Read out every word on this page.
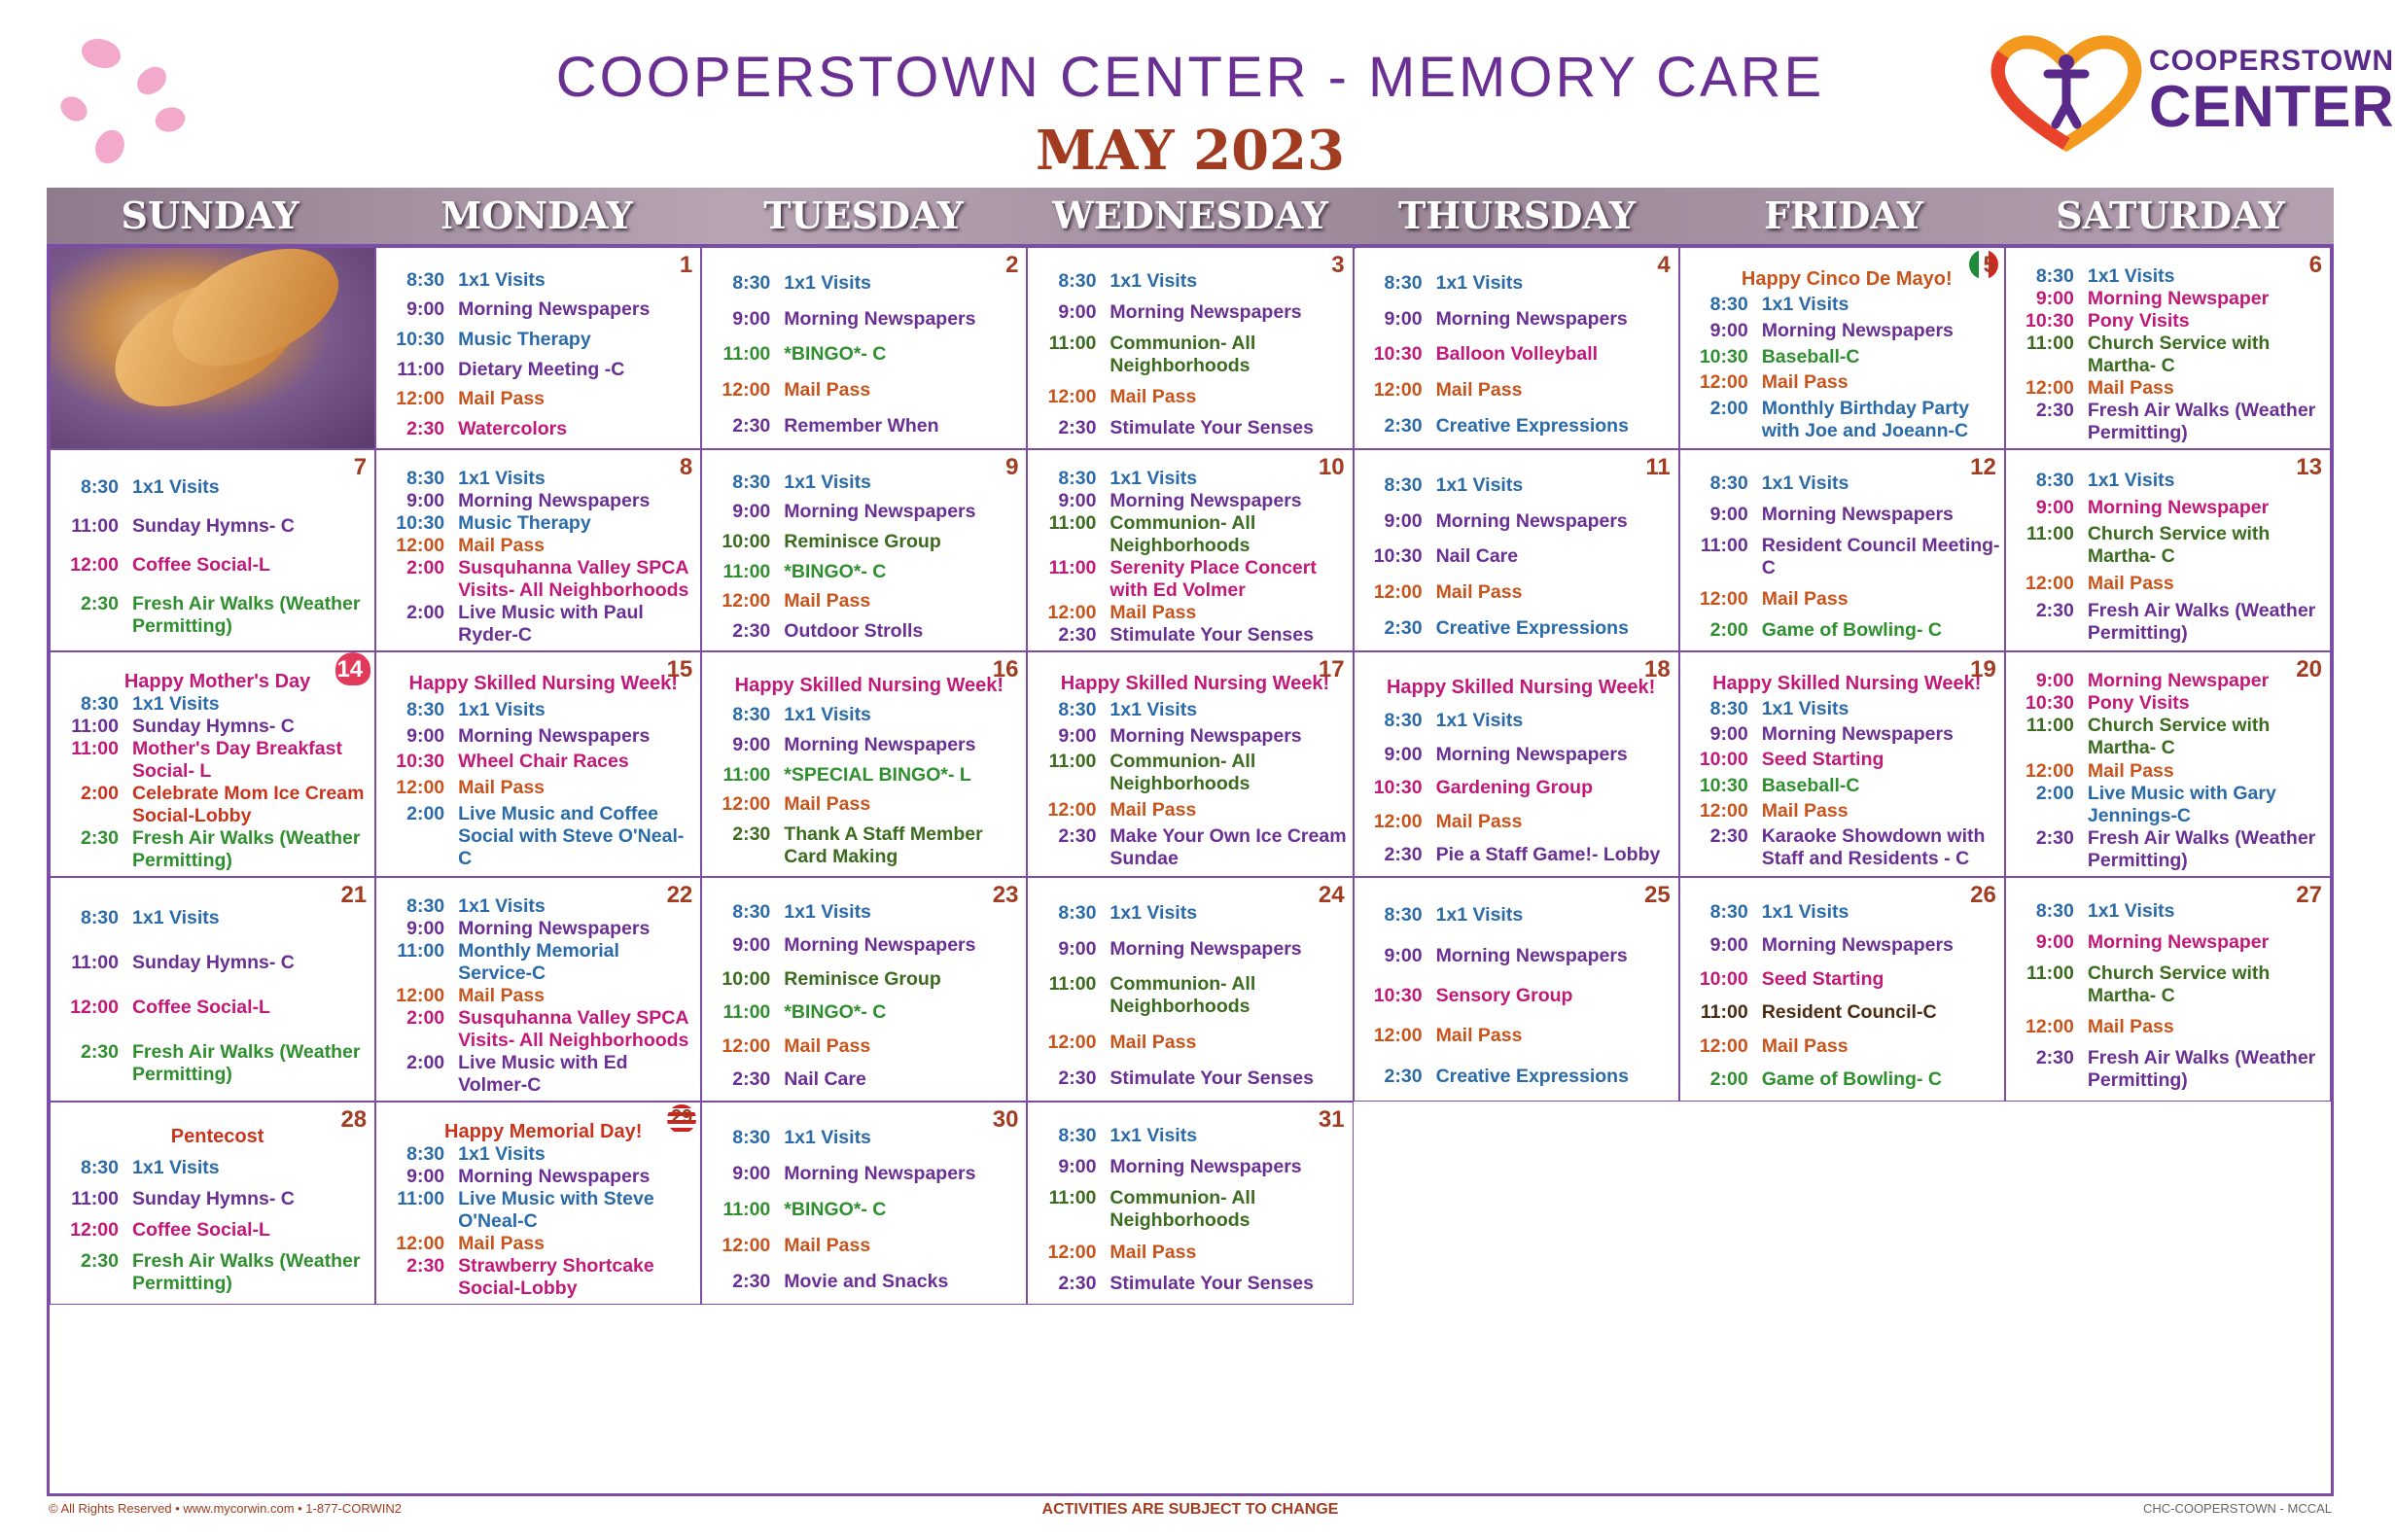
COOPERSTOWN CENTER - MEMORY CARE
MAY 2023
COOPERSTOWN
CENTER
SUNDAY	MONDAY	TUESDAY	WEDNESDAY	THURSDAY	FRIDAY	SATURDAY
1
8:30 1x1 Visits
9:00 Morning Newspapers
10:30 Music Therapy
11:00 Dietary Meeting -C
12:00 Mail Pass
2:30 Watercolors
2
8:30 1x1 Visits
9:00 Morning Newspapers
11:00 *BINGO*- C
12:00 Mail Pass
2:30 Remember When
3
8:30 1x1 Visits
9:00 Morning Newspapers
11:00 Communion- All Neighborhoods
12:00 Mail Pass
2:30 Stimulate Your Senses
4
8:30 1x1 Visits
9:00 Morning Newspapers
10:30 Balloon Volleyball
12:00 Mail Pass
2:30 Creative Expressions
5
Happy Cinco De Mayo!
8:30 1x1 Visits
9:00 Morning Newspapers
10:30 Baseball-C
12:00 Mail Pass
2:00 Monthly Birthday Party with Joe and Joeann-C
6
8:30 1x1 Visits
9:00 Morning Newspaper
10:30 Pony Visits
11:00 Church Service with Martha- C
12:00 Mail Pass
2:30 Fresh Air Walks (Weather Permitting)
7
8:30 1x1 Visits
11:00 Sunday Hymns- C
12:00 Coffee Social-L
2:30 Fresh Air Walks (Weather Permitting)
8
8:30 1x1 Visits
9:00 Morning Newspapers
10:30 Music Therapy
12:00 Mail Pass
2:00 Susquhanna Valley SPCA Visits- All Neighborhoods
2:00 Live Music with Paul Ryder-C
9
8:30 1x1 Visits
9:00 Morning Newspapers
10:00 Reminisce Group
11:00 *BINGO*- C
12:00 Mail Pass
2:30 Outdoor Strolls
10
8:30 1x1 Visits
9:00 Morning Newspapers
11:00 Communion- All Neighborhoods
11:00 Serenity Place Concert with Ed Volmer
12:00 Mail Pass
2:30 Stimulate Your Senses
11
8:30 1x1 Visits
9:00 Morning Newspapers
10:30 Nail Care
12:00 Mail Pass
2:30 Creative Expressions
12
8:30 1x1 Visits
9:00 Morning Newspapers
11:00 Resident Council Meeting-C
12:00 Mail Pass
2:00 Game of Bowling- C
13
8:30 1x1 Visits
9:00 Morning Newspaper
11:00 Church Service with Martha- C
12:00 Mail Pass
2:30 Fresh Air Walks (Weather Permitting)
14
Happy Mother's Day
8:30 1x1 Visits
11:00 Sunday Hymns- C
11:00 Mother's Day Breakfast Social- L
2:00 Celebrate Mom Ice Cream Social-Lobby
2:30 Fresh Air Walks (Weather Permitting)
15
Happy Skilled Nursing Week!
8:30 1x1 Visits
9:00 Morning Newspapers
10:30 Wheel Chair Races
12:00 Mail Pass
2:00 Live Music and Coffee Social with Steve O'Neal-C
16
Happy Skilled Nursing Week!
8:30 1x1 Visits
9:00 Morning Newspapers
11:00 *SPECIAL BINGO*- L
12:00 Mail Pass
2:30 Thank A Staff Member Card Making
17
Happy Skilled Nursing Week!
8:30 1x1 Visits
9:00 Morning Newspapers
11:00 Communion- All Neighborhoods
12:00 Mail Pass
2:30 Make Your Own Ice Cream Sundae
18
Happy Skilled Nursing Week!
8:30 1x1 Visits
9:00 Morning Newspapers
10:30 Gardening Group
12:00 Mail Pass
2:30 Pie a Staff Game!- Lobby
19
Happy Skilled Nursing Week!
8:30 1x1 Visits
9:00 Morning Newspapers
10:00 Seed Starting
10:30 Baseball-C
12:00 Mail Pass
2:30 Karaoke Showdown with Staff and Residents - C
20
9:00 Morning Newspaper
10:30 Pony Visits
11:00 Church Service with Martha- C
12:00 Mail Pass
2:00 Live Music with Gary Jennings-C
2:30 Fresh Air Walks (Weather Permitting)
21
8:30 1x1 Visits
11:00 Sunday Hymns- C
12:00 Coffee Social-L
2:30 Fresh Air Walks (Weather Permitting)
22
8:30 1x1 Visits
9:00 Morning Newspapers
11:00 Monthly Memorial Service-C
12:00 Mail Pass
2:00 Susquhanna Valley SPCA Visits- All Neighborhoods
2:00 Live Music with Ed Volmer-C
23
8:30 1x1 Visits
9:00 Morning Newspapers
10:00 Reminisce Group
11:00 *BINGO*- C
12:00 Mail Pass
2:30 Nail Care
24
8:30 1x1 Visits
9:00 Morning Newspapers
11:00 Communion- All Neighborhoods
12:00 Mail Pass
2:30 Stimulate Your Senses
25
8:30 1x1 Visits
9:00 Morning Newspapers
10:30 Sensory Group
12:00 Mail Pass
2:30 Creative Expressions
26
8:30 1x1 Visits
9:00 Morning Newspapers
10:00 Seed Starting
11:00 Resident Council-C
12:00 Mail Pass
2:00 Game of Bowling- C
27
8:30 1x1 Visits
9:00 Morning Newspaper
11:00 Church Service with Martha- C
12:00 Mail Pass
2:30 Fresh Air Walks (Weather Permitting)
28
Pentecost
8:30 1x1 Visits
11:00 Sunday Hymns- C
12:00 Coffee Social-L
2:30 Fresh Air Walks (Weather Permitting)
29
Happy Memorial Day!
8:30 1x1 Visits
9:00 Morning Newspapers
11:00 Live Music with Steve O'Neal-C
12:00 Mail Pass
2:30 Strawberry Shortcake Social-Lobby
30
8:30 1x1 Visits
9:00 Morning Newspapers
11:00 *BINGO*- C
12:00 Mail Pass
2:30 Movie and Snacks
31
8:30 1x1 Visits
9:00 Morning Newspapers
11:00 Communion- All Neighborhoods
12:00 Mail Pass
2:30 Stimulate Your Senses
© All Rights Reserved • www.mycorwin.com • 1-877-CORWIN2	ACTIVITIES ARE SUBJECT TO CHANGE	CHC-COOPERSTOWN - MCCAL
